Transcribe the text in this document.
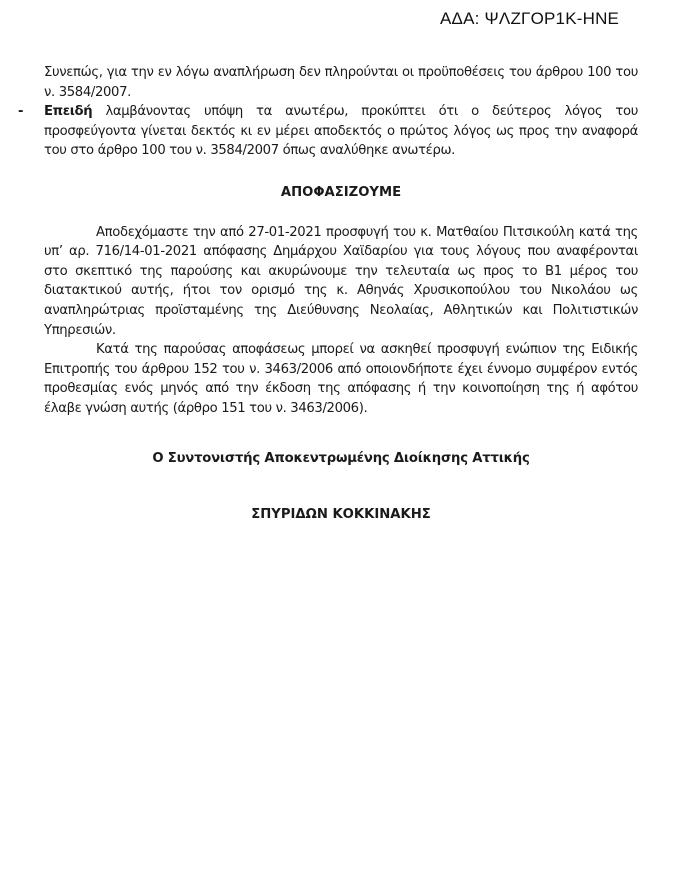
ΑΔΑ: ΨΛΖΓΟΡ1Κ-ΗΝΕ

Συνεπώς, για την εν λόγω αναπλήρωση δεν πληρούνται οι προϋποθέσεις του άρθρου 100 του ν. 3584/2007.

- Επειδή λαμβάνοντας υπόψη τα ανωτέρω, προκύπτει ότι ο δεύτερος λόγος του προσφεύγοντα γίνεται δεκτός κι εν μέρει αποδεκτός ο πρώτος λόγος ως προς την αναφορά του στο άρθρο 100 του ν. 3584/2007 όπως αναλύθηκε ανωτέρω.

ΑΠΟΦΑΣΙΖΟΥΜΕ

Αποδεχόμαστε την από 27-01-2021 προσφυγή του κ. Ματθαίου Πιτσικούλη κατά της υπ’ αρ. 716/14-01-2021 απόφασης Δημάρχου Χαϊδαρίου για τους λόγους που αναφέρονται στο σκεπτικό της παρούσης και ακυρώνουμε την τελευταία ως προς το Β1 μέρος του διατακτικού αυτής, ήτοι τον ορισμό της κ. Αθηνάς Χρυσικοπούλου του Νικολάου ως αναπληρώτριας προϊσταμένης της Διεύθυνσης Νεολαίας, Αθλητικών και Πολιτιστικών Υπηρεσιών.

Κατά της παρούσας αποφάσεως μπορεί να ασκηθεί προσφυγή ενώπιον της Ειδικής Επιτροπής του άρθρου 152 του ν. 3463/2006 από οποιονδήποτε έχει έννομο συμφέρον εντός προθεσμίας ενός μηνός από την έκδοση της απόφασης ή την κοινοποίηση της ή αφότου έλαβε γνώση αυτής (άρθρο 151 του ν. 3463/2006).

Ο Συντονιστής Αποκεντρωμένης Διοίκησης Αττικής
ΣΠΥΡΙΔΩΝ ΚΟΚΚΙΝΑΚΗΣ
